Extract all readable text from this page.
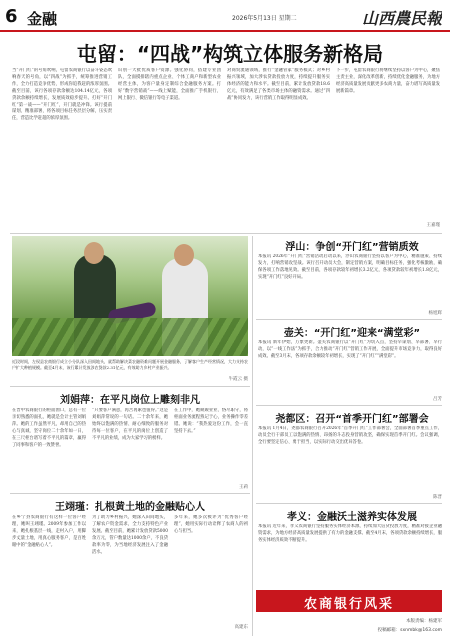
6 金融	2026年5月13日 星期二	山西農民報
屯留：“四战”构筑立体服务新格局
当“开门红”的号角吹响，屯留农商银行以奋斗姿态吹响春天的号角，以“四战”为抓手，统筹推进营销工作，全力打造竞争优势，形成你追我赶的浓厚氛围。截至目前，该行各项存款余额达104.14亿元，各项贷款余额持续增长，发展质效稳步提升。打好“开门红”第一战——“开门红”，开门就是冲锋。该行提前谋划、精准部署，将各项目标任务层层分解，压实责任，营造比学赶超的浓厚氛围。
识别一大批优质客户资源。强化协同，搭建专业团队，全面摸排辖内重点企业、个体工商户和新型农业经营主体，为客户量身定制综合金融服务方案。打好“数字营销战”——线上赋能，全面推广手机银行、网上银行、微信银行等电子渠道。
对商贸流通领域，推行“金融管家”服务模式；对乡村振兴领域，加大涉农贷款投放力度，持续提升服务实体经济的能力和水平。截至目前，累计发放贷款18.6亿元，有效满足了各类市场主体的融资需求。通过“四战”协同发力，该行营销工作取得明显成效。
下一步，屯留农商银行将继续坚持以客户为中心，聚焦主责主业，深化改革创新，持续优化金融服务，为地方经济高质量发展贡献更多农商力量，奋力谱写高质量发展新篇章。
王嘉瑾
近段时间，左权县农商银行成立小分队深入田间地头，就帮助解决菜农融资难问题开展金融服务，了解客户生产经营情况，大力支持农户扩大种植规模。截至4月末，该行累计发放涉农贷款2.31亿元，有效助力乡村产业振兴。
牛霞云 摄
浮山：争创“开门红”营销质效
本报讯 2026年“开门红”营销活动启动以来，浮山农商银行坚持以客户为中心，精准施策、持续发力，打响营销攻坚战。该行召开动员大会，制定营销方案，明确目标任务，强化考核激励，确保各项工作落地见效。截至目前，各项存款较年初增长3.2亿元，各项贷款较年初增长1.8亿元，实现“开门红”良好开局。
杨旭辉
壶关：“开门红”迎来“满堂彩”
本报讯 新年伊始，万象更新。壶关农商银行以“开门红”为切入点，坚持早谋划、早部署、早行动，以“一线工作法”为抓手，合力推动“开门红”营销工作开展，全面提升市场竞争力，取得良好成效。截至3月末，各项存款余额较年初增长，实现了“开门红”“满堂彩”。
吕芳
尧都区：召开“首季开门红”部署会
本报讯 1月4日，尧都农商银行召开2026年“首季开门红”工作部署会，全面部署首季重点工作，动员全行干部员工以饱满的热情、昂扬的斗志投身营销攻坚，确保实现首季开门红。会议强调，全行要坚定信心、勇于担当，以实际行动交出优异答卷。
陈晋
孝义：金融沃土滋养实体发展
本报讯 近年来，孝义农商银行坚持服务实体经济本源，持续加大信贷投放力度，精准对接企业融资需求，为地方经济高质量发展提供了有力的金融支撑。截至4月末，各项贷款余额持续增长，服务实体经济质效不断提升。
刘娟萍：在平凡岗位上雕刻非凡
在晋中农商银行的柜面窗口，总有一位亲切熟悉的面孔，她就是会计主管刘娟萍。她的工作虽然平凡，却用自己的热心与真诚，坚守岗位二十余年如一日，在三尺柜台谱写着不平凡的篇章，赢得了同事和客户的一致赞誉。
“只要客户满意，再苦再累也值得。”这是刘娟萍常说的一句话。二十余年来，她始终以饱满的热情、耐心细致的服务对待每一位客户，在平凡的岗位上创造了不平凡的业绩，成为大家学习的榜样。
在工作中，她兢兢业业、恪尽职守，将柜面业务流程熟记于心，业务操作零差错。她说：“我热爱这份工作，会一直坚持下去。”
王莉
王翊瑾：扎根黄土地的金融贴心人
在乡宁县农商银行有这样一位客户经理，她叫王翊瑾。2009年参加工作以来，她扎根基层一线，走村入户，用脚步丈量土地，用真心服务客户，是百姓眼中的“金融贴心人”。
为了助力乡村振兴，她深入田间地头，了解农户资金需求，全力支持特色产业发展。截至目前，她累计发放贷款5000余万元，管户数量达1000余户，不良贷款率为零，为当地经济发展注入了金融活水。
多年来，她多次被评为“优秀客户经理”，她用实际行动诠释了农商人的初心与担当。
高建东
农商银行风采
本版责编：杨建军
投稿邮箱：sxnmbk@163.com
